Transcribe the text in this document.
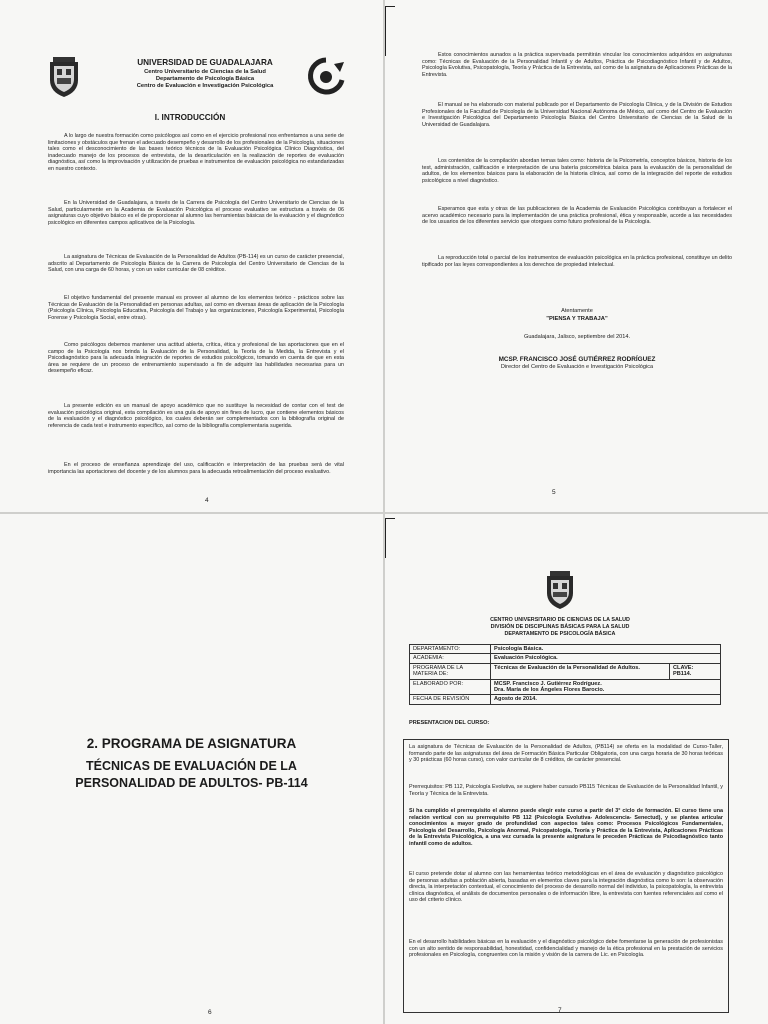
UNIVERSIDAD DE GUADALAJARA
Centro Universitario de Ciencias de la Salud
Departamento de Psicología Básica
Centro de Evaluación e Investigación Psicológica
I. INTRODUCCIÓN
A lo largo de nuestra formación como psicólogos así como en el ejercicio profesional nos enfrentamos a una serie de limitaciones y obstáculos que frenan el adecuado desempeño y desarrollo de los profesionales de la Psicología, situaciones tales como el desconocimiento de las bases teórico técnicos de la Evaluación Psicológica Clínico Diagnóstica, del inadecuado manejo de los procesos de entrevista, de la desarticulación en la realización de reportes de evaluación diagnóstica, así como la improvisación y utilización de pruebas e instrumentos de evaluación psicológica no estandarizadas en nuestro contexto.
En la Universidad de Guadalajara, a través de la Carrera de Psicología del Centro Universitario de Ciencias de la Salud, particularmente en la Academia de Evaluación Psicológica el proceso evaluativo se estructura a través de 06 asignaturas cuyo objetivo básico es el de proporcionar al alumno las herramientas básicas de la evaluación y el diagnóstico psicológico en diferentes campos aplicativos de la Psicología.
La asignatura de Técnicas de Evaluación de la Personalidad de Adultos (PB-114) es un curso de carácter presencial, adscrito al Departamento de Psicología Básica de la Carrera de Psicología del Centro Universitario de Ciencias de la Salud, con una carga de 60 horas, y con un valor curricular de 08 créditos.
El objetivo fundamental del presente manual es proveer al alumno de los elementos teórico - prácticos sobre las Técnicas de Evaluación de la Personalidad en personas adultas, así como en diversas áreas de aplicación de la Psicología (Psicología Clínica, Psicología Educativa, Psicología del Trabajo y las organizaciones, Psicología Experimental, Psicología Forense y Psicología Social, entre otras).
Como psicólogos debemos mantener una actitud abierta, crítica, ética y profesional de las aportaciones que en el campo de la Psicología nos brinda la Evaluación de la Personalidad, la Teoría de la Medida, la Entrevista y el Psicodiagnóstico para la adecuada integración de reportes de estudios psicológicos, tomando en cuenta de que en esta área se requiere de un proceso de entrenamiento supervisado a fin de adquirir las habilidades necesarias para un desempeño eficaz.
La presente edición es un manual de apoyo académico que no sustituye la necesidad de contar con el test de evaluación psicológica original, esta compilación es una guía de apoyo sin fines de lucro, que contiene elementos básicos de la evaluación y el diagnóstico psicológico, los cuales deberán ser complementados con la bibliografía original de referencia de cada test e instrumento específico, así como de la bibliografía complementaria sugerida.
En el proceso de enseñanza aprendizaje del uso, calificación e interpretación de las pruebas será de vital importancia las aportaciones del docente y de los alumnos para la adecuada retroalimentación del proceso evaluativo.
4
Estos conocimientos aunados a la práctica supervisada permitirán vincular los conocimientos adquiridos en asignaturas como: Técnicas de Evaluación de la Personalidad Infantil y de Adultos, Práctica de Psicodiagnóstico Infantil y de Adultos, Psicología Evolutiva, Psicopatología, Teoría y Práctica de la Entrevista, así como de la asignatura de Aplicaciones Prácticas de la Entrevista.
El manual se ha elaborado con material publicado por el Departamento de Psicología Clínica, y de la División de Estudios Profesionales de la Facultad de Psicología de la Universidad Nacional Autónoma de México, así como del Centro de Evaluación e Investigación Psicológica del Departamento Psicología Básica del Centro Universitario de Ciencias de la Salud de la Universidad de Guadalajara.
Los contenidos de la compilación abordan temas tales como: historia de la Psicometría, conceptos básicos, historia de los test, administración, calificación e interpretación de una batería psicométrica básica para la evaluación de la personalidad de adultos, de los elementos básicos para la elaboración de la historia clínica, así como de la integración del reporte de estudios psicológicos a nivel diagnóstico.
Esperamos que esta y otras de las publicaciones de la Academia de Evaluación Psicológica contribuyan a fortalecer el acervo académico necesario para la implementación de una práctica profesional, ética y responsable, acorde a las necesidades de los usuarios de los diferentes servicio que otorgues como futuro profesional de la Psicología.
La reproducción total o parcial de los instrumentos de evaluación psicológica en la práctica profesional, constituye un delito tipificado por las leyes correspondientes a los derechos de propiedad intelectual.
Atentamente
"PIENSA Y TRABAJA"
Guadalajara, Jalisco, septiembre del 2014.
MCSP. FRANCISCO JOSÉ GUTIÉRREZ RODRÍGUEZ
Director del Centro de Evaluación e Investigación Psicológica
5
2. PROGRAMA DE ASIGNATURA
TÉCNICAS DE EVALUACIÓN DE LA
PERSONALIDAD DE ADULTOS- PB-114
6
CENTRO UNIVERSITARIO DE CIENCIAS DE LA SALUD
DIVISIÓN DE DISCIPLINAS BÁSICAS PARA LA SALUD
DEPARTAMENTO DE PSICOLOGÍA BÁSICA
DEPARTAMENTO:	Psicología Básica.	
ACADEMIA:	Evaluación Psicológica.	
PROGRAMA DE LA MATERIA DE:	Técnicas de Evaluación de la Personalidad de Adultos.	CLAVE:
PB114.

ELABORADO POR:	MCSP. Francisco J. Gutiérrez Rodríguez.
Dra. María de los Ángeles Flores Barocio.	

FECHA DE REVISIÓN	Agosto de 2014.	
PRESENTACION DEL CURSO:
La asignatura de Técnicas de Evaluación de la Personalidad de Adultos, (PB114) se oferta en la modalidad de Curso-Taller, formando parte de las asignaturas del área de Formación Básica Particular Obligatoria, con una carga horaria de 30 horas teóricas y 30 prácticas (60 horas curso), con valor curricular de 8 créditos, de carácter presencial.
Prerrequisitos: PB 112, Psicología Evolutiva, se sugiere haber cursado PB115 Técnicas de Evaluación de la Personalidad Infantil, y Teoría y Técnica de la Entrevista.
Si ha cumplido el prerrequisito el alumno puede elegir este curso a partir del 3° ciclo de formación. El curso tiene una relación vertical con su prerrequisito PB 112 (Psicología Evolutiva- Adolescencia- Senectud), y se plantea articular conocimientos a mayor grado de profundidad con aspectos tales como: Procesos Psicológicos Fundamentales, Psicología del Desarrollo, Psicología Anormal, Psicopatología, Teoría y Práctica de la Entrevista, Aplicaciones Prácticas de la Entrevista Psicológica, a una vez cursada la presente asignatura le preceden Prácticas de Psicodiagnóstico tanto infantil como de adultos.
El curso pretende dotar al alumno con las herramientas teórico metodológicas en el área de evaluación y diagnóstico psicológico de personas adultas a población abierta, basadas en elementos claves para la integración diagnóstica como lo son: la observación directa, la interpretación contextual, el conocimiento del proceso de desarrollo normal del individuo, la psicopatología, la entrevista clínica diagnóstica, el análisis de documentos personales o de información libre, la entrevista con fuentes referenciales así como el uso del criterio clínico.
En el desarrollo habilidades básicas en la evaluación y el diagnóstico psicológico debe fomentarse la generación de profesionistas con un alto sentido de responsabilidad, honestidad, confidencialidad y manejo de la ética profesional en la prestación de servicios profesionales en Psicología, congruentes con la misión y visión de la carrera de Lic. en Psicología.
7
